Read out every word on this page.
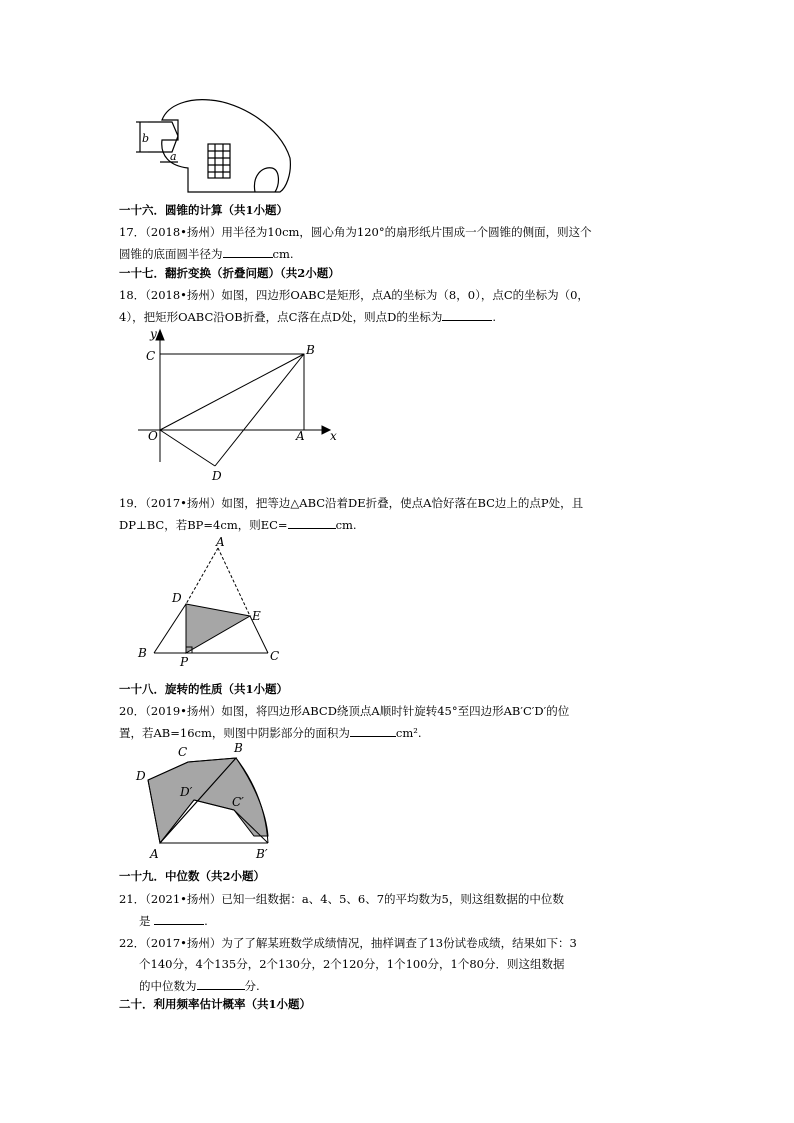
b
a
一十六．圆锥的计算（共1小题）
17．（2018•扬州）用半径为10cm，圆心角为120°的扇形纸片围成一个圆锥的侧面，则这个
圆锥的底面圆半径为	cm.
一十七．翻折变换（折叠问题）（共2小题）
18．（2018•扬州）如图，四边形OABC是矩形，点A的坐标为（8，0），点C的坐标为（0，
4），把矩形OABC沿OB折叠，点C落在点D处，则点D的坐标为	.
y
x
C	B
O	A
D
19．（2017•扬州）如图，把等边△ABC沿着DE折叠，使点A恰好落在BC边上的点P处，且
DP⊥BC，若BP=4cm，则EC=	cm.
A
D
E
B
P	C
一十八．旋转的性质（共1小题）
20．（2019•扬州）如图，将四边形ABCD绕顶点A顺时针旋转45°至四边形AB′C′D′的位
置，若AB=16cm，则图中阴影部分的面积为	cm².
C	B
D
D′
C′
A	B′
一十九．中位数（共2小题）
21．（2021•扬州）已知一组数据：a、4、5、6、7的平均数为5，则这组数据的中位数
是	.
22．（2017•扬州）为了了解某班数学成绩情况，抽样调查了13份试卷成绩，结果如下：3
个140分，4个135分，2个130分，2个120分，1个100分，1个80分．则这组数据
的中位数为	分.
二十．利用频率估计概率（共1小题）
